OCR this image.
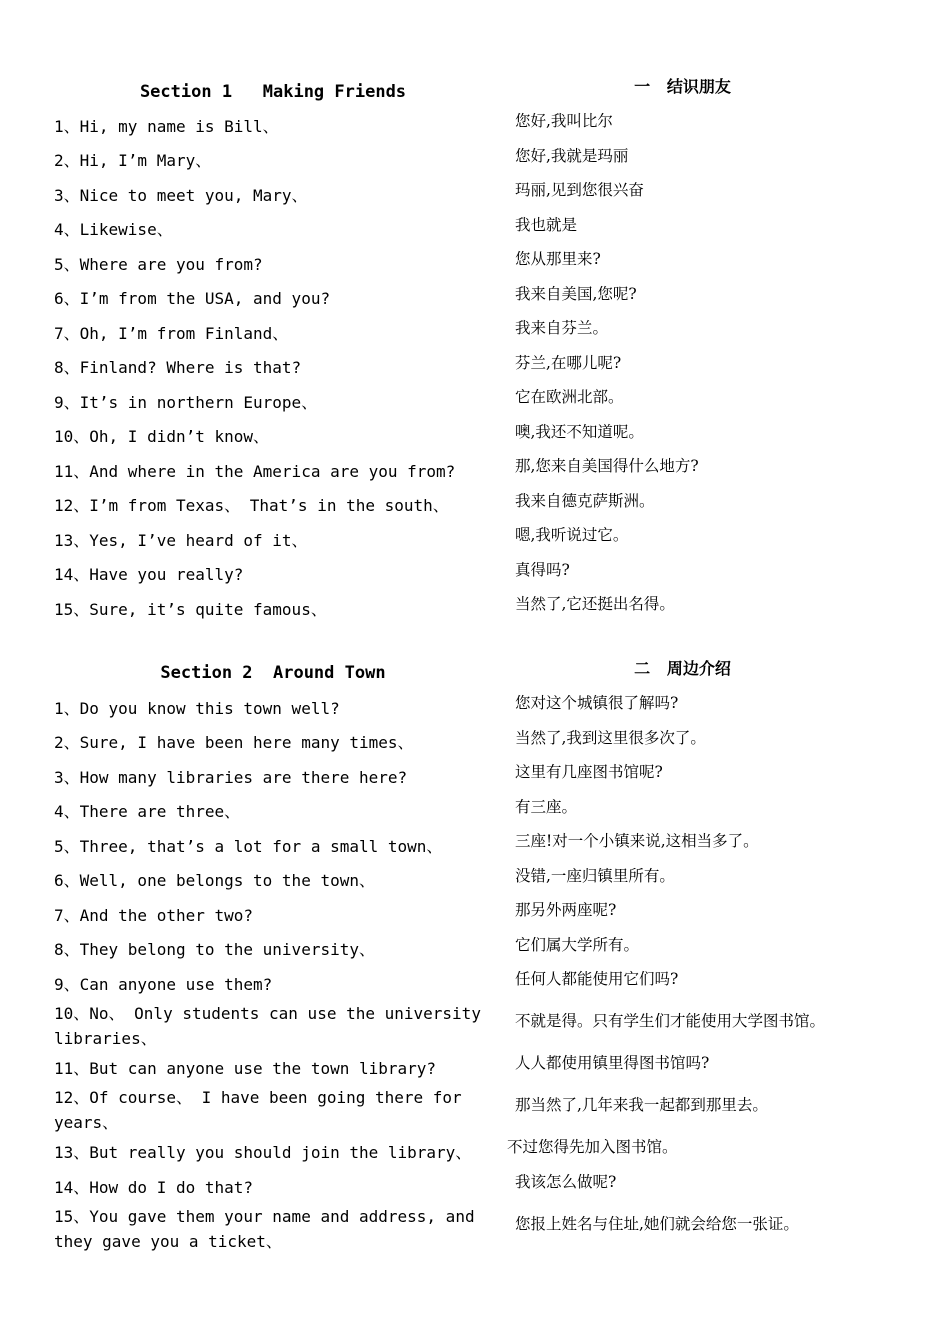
Section 1   Making Friends	一   结识朋友
1、Hi, my name is Bill、
2、Hi, I’m Mary、
3、Nice to meet you, Mary、
4、Likewise、
5、Where are you from?
6、I’m from the USA, and you?
7、Oh, I’m from Finland、
8、Finland? Where is that?
9、It’s in northern Europe、
10、Oh, I didn’t know、
11、And where in the America are you from?
12、I’m from Texas、 That’s in the south、
13、Yes, I’ve heard of it、
14、Have you really?
15、Sure, it’s quite famous、
您好,我叫比尔
您好,我就是玛丽
玛丽,见到您很兴奋
我也就是
您从那里来?
我来自美国,您呢?
我来自芬兰。
芬兰,在哪儿呢?
它在欧洲北部。
噢,我还不知道呢。
那,您来自美国得什么地方?
我来自德克萨斯洲。
嗯,我听说过它。
真得吗?
当然了,它还挺出名得。
Section 2  Around Town	二   周边介绍
1、Do you know this town well?
2、Sure, I have been here many times、
3、How many libraries are there here?
4、There are three、
5、Three, that’s a lot for a small town、
6、Well, one belongs to the town、
7、And the other two?
8、They belong to the university、
9、Can anyone use them?
10、No、 Only students can use the university libraries、
11、But can anyone use the town library?
12、Of course、 I have been going there for years、
13、But really you should join the library、
14、How do I do that?
15、You gave them your name and address, and they gave you a ticket、
您对这个城镇很了解吗?
当然了,我到这里很多次了。
这里有几座图书馆呢?
有三座。
三座!对一个小镇来说,这相当多了。
没错,一座归镇里所有。
那另外两座呢?
它们属大学所有。
任何人都能使用它们吗?
不就是得。只有学生们才能使用大学图书馆。
人人都使用镇里得图书馆吗?
那当然了,几年来我一起都到那里去。
不过您得先加入图书馆。
我该怎么做呢?
您报上姓名与住址,她们就会给您一张证。
